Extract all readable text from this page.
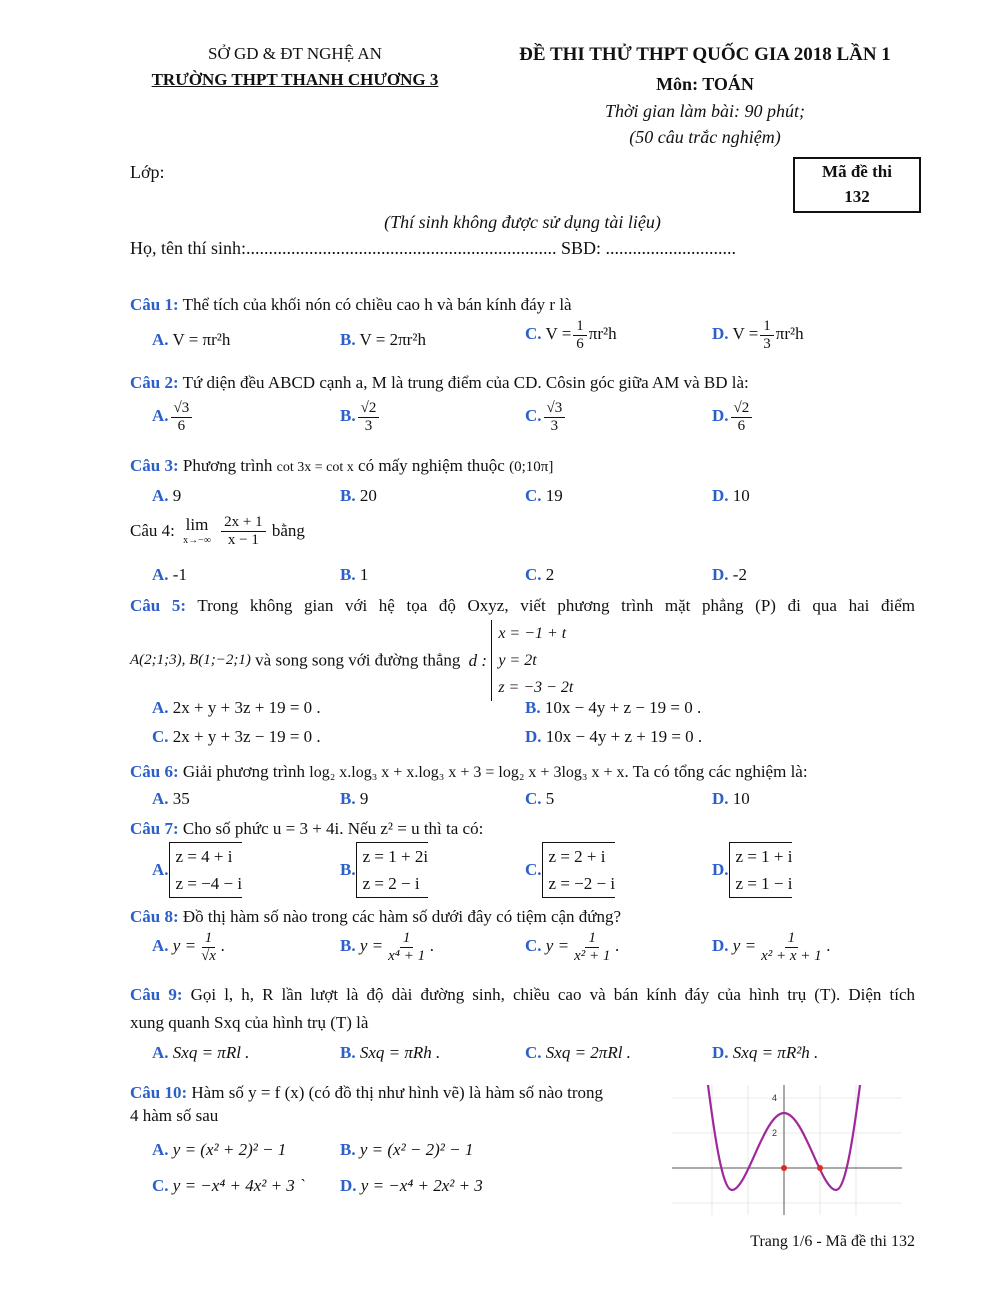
SỞ GD & ĐT NGHỆ AN
TRƯỜNG THPT THANH CHƯƠNG 3
ĐỀ THI THỬ THPT QUỐC GIA 2018 LẦN 1
Môn: TOÁN
Thời gian làm bài: 90 phút;
(50 câu trắc nghiệm)
Lớp:	Mã đề thi
132
(Thí sinh không được sử dụng tài liệu)
Họ, tên thí sinh:..................................................................... SBD: .............................
Câu 1: Thể tích của khối nón có chiều cao h và bán kính đáy r là
A. V = πr²h	B. V = 2πr²h	C. $V = \frac{1}{6} \pi r^2h$	D. $V = \frac{1}{3} \pi r^2h$
Câu 2: Tứ diện đều ABCD cạnh a, M là trung điểm của CD. Côsin góc giữa AM và BD là:
A. $\frac{√3}{6}$	B. $\frac{√2}{3}$	C. $\frac{√3}{3}$	D. $\frac{√2}{6}$
Câu 3: Phương trình cot 3x = cot x có mấy nghiệm thuộc (0;10π]
A. 9	B. 20	C. 19	D. 10
Câu 4: lim
x→−∞
$\frac{2x + 1}{x - 1}$ bằng
A. -1	B. 1	C. 2	D. -2
Câu 5: Trong không gian với hệ tọa độ Oxyz, viết phương trình mặt phẳng (P) đi qua hai điểm
A(2;1;3), B(1;−2;1) và song song với đường thẳng d :
x = −1 + t
y = 2t
z = −3 − 2t
A. 2x + y + 3z + 19 = 0 .	B. 10x − 4y + z − 19 = 0 .
C. 2x + y + 3z − 19 = 0 .	D. 10x − 4y + z + 19 = 0 .
Câu 6: Giải phương trình log₂ x.log₃ x + x.log₃ x + 3 = log₂ x + 3log₃ x + x. Ta có tổng các nghiệm là:
A. 35	B. 9	C. 5	D. 10
Câu 7: Cho số phức u = 3 + 4i. Nếu z² = u thì ta có:
A.
z = 4 + i
z = −4 − i
B.
z = 1 + 2i
z = 2 − i
C.
z = 2 + i
z = −2 − i
D.
z = 1 + i
z = 1 − i
Câu 8: Đồ thị hàm số nào trong các hàm số dưới đây có tiệm cận đứng?
A. $y = \frac{1}{√x}$ .	B. $y = \frac{1}{\text{x⁴ + 1}}$ .	C. $y = \frac{1}{\text{x² + 1}}$ .	D. $y = \frac{1}{\text{x² + x + 1}}$ .
Câu 9: Gọi l, h, R lần lượt là độ dài đường sinh, chiều cao và bán kính đáy của hình trụ (T). Diện tích
xung quanh Sxq của hình trụ (T) là
A. Sxq = πRl .	B. Sxq = πRh .	C. Sxq = 2πRl .	D. Sxq = πR²h .
Câu 10: Hàm số y = f (x) (có đồ thị như hình vẽ) là hàm số nào trong
4 hàm số sau
A. y = (x² + 2)² − 1	B. y = (x² − 2)² − 1
C. y = −x⁴ + 4x² + 3 ` D. y = −x⁴ + 2x² + 3
4
2
Trang 1/6 - Mã đề thi 132
